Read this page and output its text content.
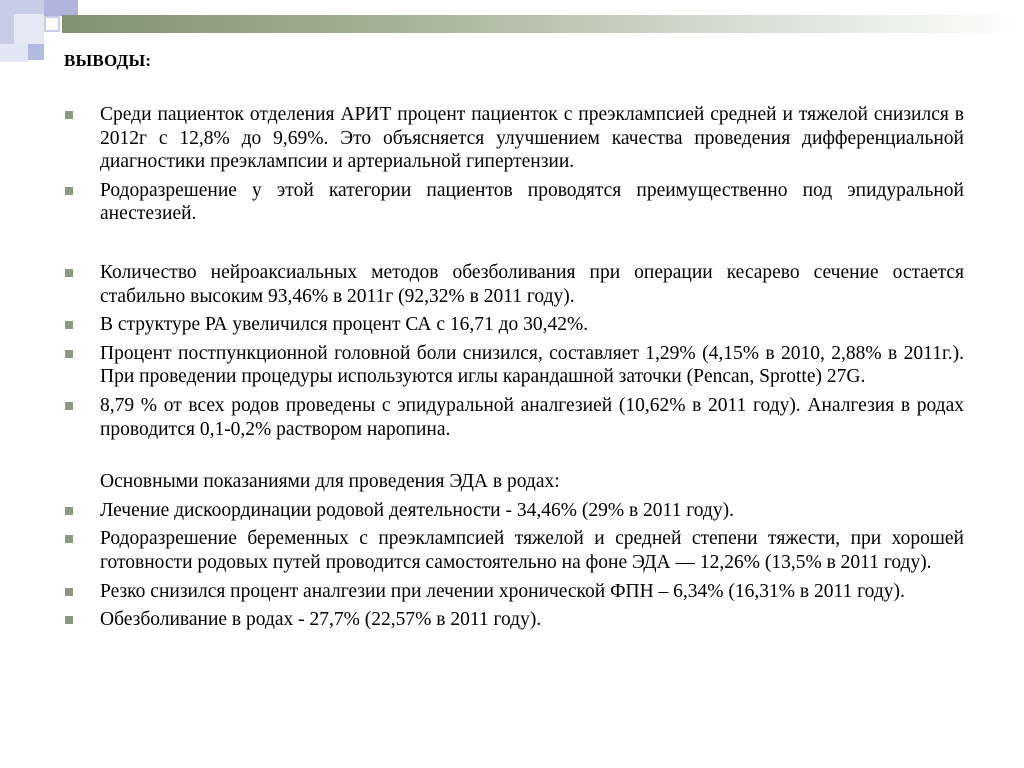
ВЫВОДЫ:
Среди пациенток отделения АРИТ процент пациенток с преэклампсией средней и тяжелой снизился в 2012г с 12,8% до 9,69%. Это объясняется улучшением качества проведения дифференциальной диагностики преэклампсии и артериальной гипертензии.
Родоразрешение у этой категории пациентов проводятся преимущественно под эпидуральной анестезией.
Количество нейроаксиальных методов обезболивания при операции кесарево сечение остается стабильно высоким 93,46% в 2011г (92,32% в 2011 году).
В структуре РА увеличился процент СА с 16,71 до 30,42%.
Процент постпункционной головной боли снизился, составляет 1,29% (4,15% в 2010, 2,88% в 2011г.). При проведении процедуры используются иглы карандашной заточки (Pencan, Sprotte) 27G.
8,79 % от всех родов проведены с эпидуральной аналгезией (10,62% в 2011 году). Аналгезия в родах проводится 0,1-0,2% раствором наропина.
Основными показаниями для проведения ЭДА в родах:
Лечение дискоординации родовой деятельности - 34,46% (29% в 2011 году).
Родоразрешение беременных с преэклампсией тяжелой и средней степени тяжести, при хорошей готовности родовых путей проводится самостоятельно на фоне ЭДА — 12,26% (13,5% в 2011 году).
Резко снизился процент аналгезии при лечении хронической ФПН – 6,34% (16,31% в 2011 году).
Обезболивание в родах - 27,7% (22,57% в 2011 году).
